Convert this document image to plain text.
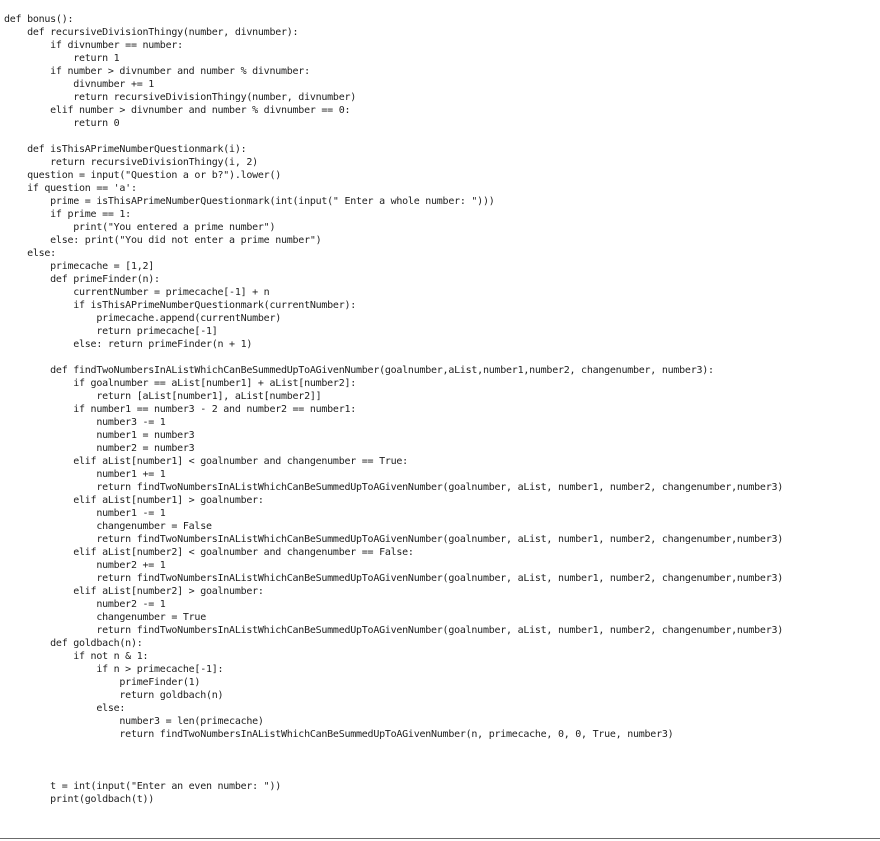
def bonus():
def recursiveDivisionThingy(number, divnumber):
if divnumber == number:
return 1
if number > divnumber and number % divnumber:
divnumber += 1
return recursiveDivisionThingy(number, divnumber)
elif number > divnumber and number % divnumber == 0:
return 0
def isThisAPrimeNumberQuestionmark(i):
return recursiveDivisionThingy(i, 2)
question = input("Question a or b?").lower()
if question == 'a':
prime = isThisAPrimeNumberQuestionmark(int(input(" Enter a whole number: ")))
if prime == 1:
print("You entered a prime number")
else: print("You did not enter a prime number")
else:
primecache = [1,2]
def primeFinder(n):
currentNumber = primecache[-1] + n
if isThisAPrimeNumberQuestionmark(currentNumber):
primecache.append(currentNumber)
return primecache[-1]
else: return primeFinder(n + 1)
def findTwoNumbersInAListWhichCanBeSummedUpToAGivenNumber(goalnumber,aList,number1,number2, changenumber, number3):
if goalnumber == aList[number1] + aList[number2]:
return [aList[number1], aList[number2]]
if number1 == number3 - 2 and number2 == number1:
number3 -= 1
number1 = number3
number2 = number3
elif aList[number1] < goalnumber and changenumber == True:
number1 += 1
return findTwoNumbersInAListWhichCanBeSummedUpToAGivenNumber(goalnumber, aList, number1, number2, changenumber,number3)
elif aList[number1] > goalnumber:
number1 -= 1
changenumber = False
return findTwoNumbersInAListWhichCanBeSummedUpToAGivenNumber(goalnumber, aList, number1, number2, changenumber,number3)
elif aList[number2] < goalnumber and changenumber == False:
number2 += 1
return findTwoNumbersInAListWhichCanBeSummedUpToAGivenNumber(goalnumber, aList, number1, number2, changenumber,number3)
elif aList[number2] > goalnumber:
number2 -= 1
changenumber = True
return findTwoNumbersInAListWhichCanBeSummedUpToAGivenNumber(goalnumber, aList, number1, number2, changenumber,number3)
def goldbach(n):
if not n & 1:
if n > primecache[-1]:
primeFinder(1)
return goldbach(n)
else:
number3 = len(primecache)
return findTwoNumbersInAListWhichCanBeSummedUpToAGivenNumber(n, primecache, 0, 0, True, number3)
t = int(input("Enter an even number: "))
print(goldbach(t))
